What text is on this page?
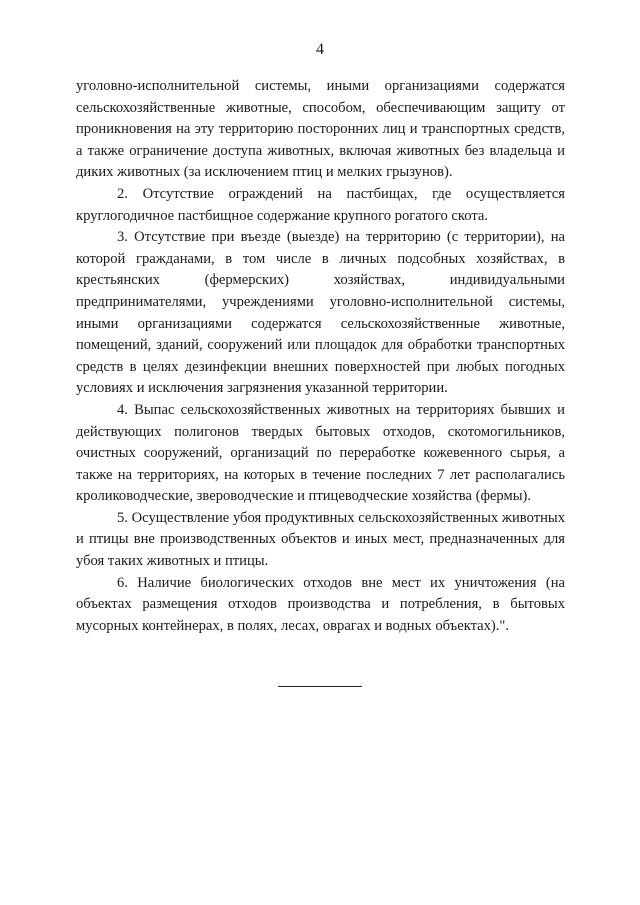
4

уголовно-исполнительной системы, иными организациями содержатся сельскохозяйственные животные, способом, обеспечивающим защиту от проникновения на эту территорию посторонних лиц и транспортных средств, а также ограничение доступа животных, включая животных без владельца и диких животных (за исключением птиц и мелких грызунов).

2. Отсутствие ограждений на пастбищах, где осуществляется круглогодичное пастбищное содержание крупного рогатого скота.

3. Отсутствие при въезде (выезде) на территорию (с территории), на которой гражданами, в том числе в личных подсобных хозяйствах, в крестьянских (фермерских) хозяйствах, индивидуальными предпринимателями, учреждениями уголовно-исполнительной системы, иными организациями содержатся сельскохозяйственные животные, помещений, зданий, сооружений или площадок для обработки транспортных средств в целях дезинфекции внешних поверхностей при любых погодных условиях и исключения загрязнения указанной территории.

4. Выпас сельскохозяйственных животных на территориях бывших и действующих полигонов твердых бытовых отходов, скотомогильников, очистных сооружений, организаций по переработке кожевенного сырья, а также на территориях, на которых в течение последних 7 лет располагались кролиководческие, звероводческие и птицеводческие хозяйства (фермы).

5. Осуществление убоя продуктивных сельскохозяйственных животных и птицы вне производственных объектов и иных мест, предназначенных для убоя таких животных и птицы.

6. Наличие биологических отходов вне мест их уничтожения (на объектах размещения отходов производства и потребления, в бытовых мусорных контейнерах, в полях, лесах, оврагах и водных объектах).".
